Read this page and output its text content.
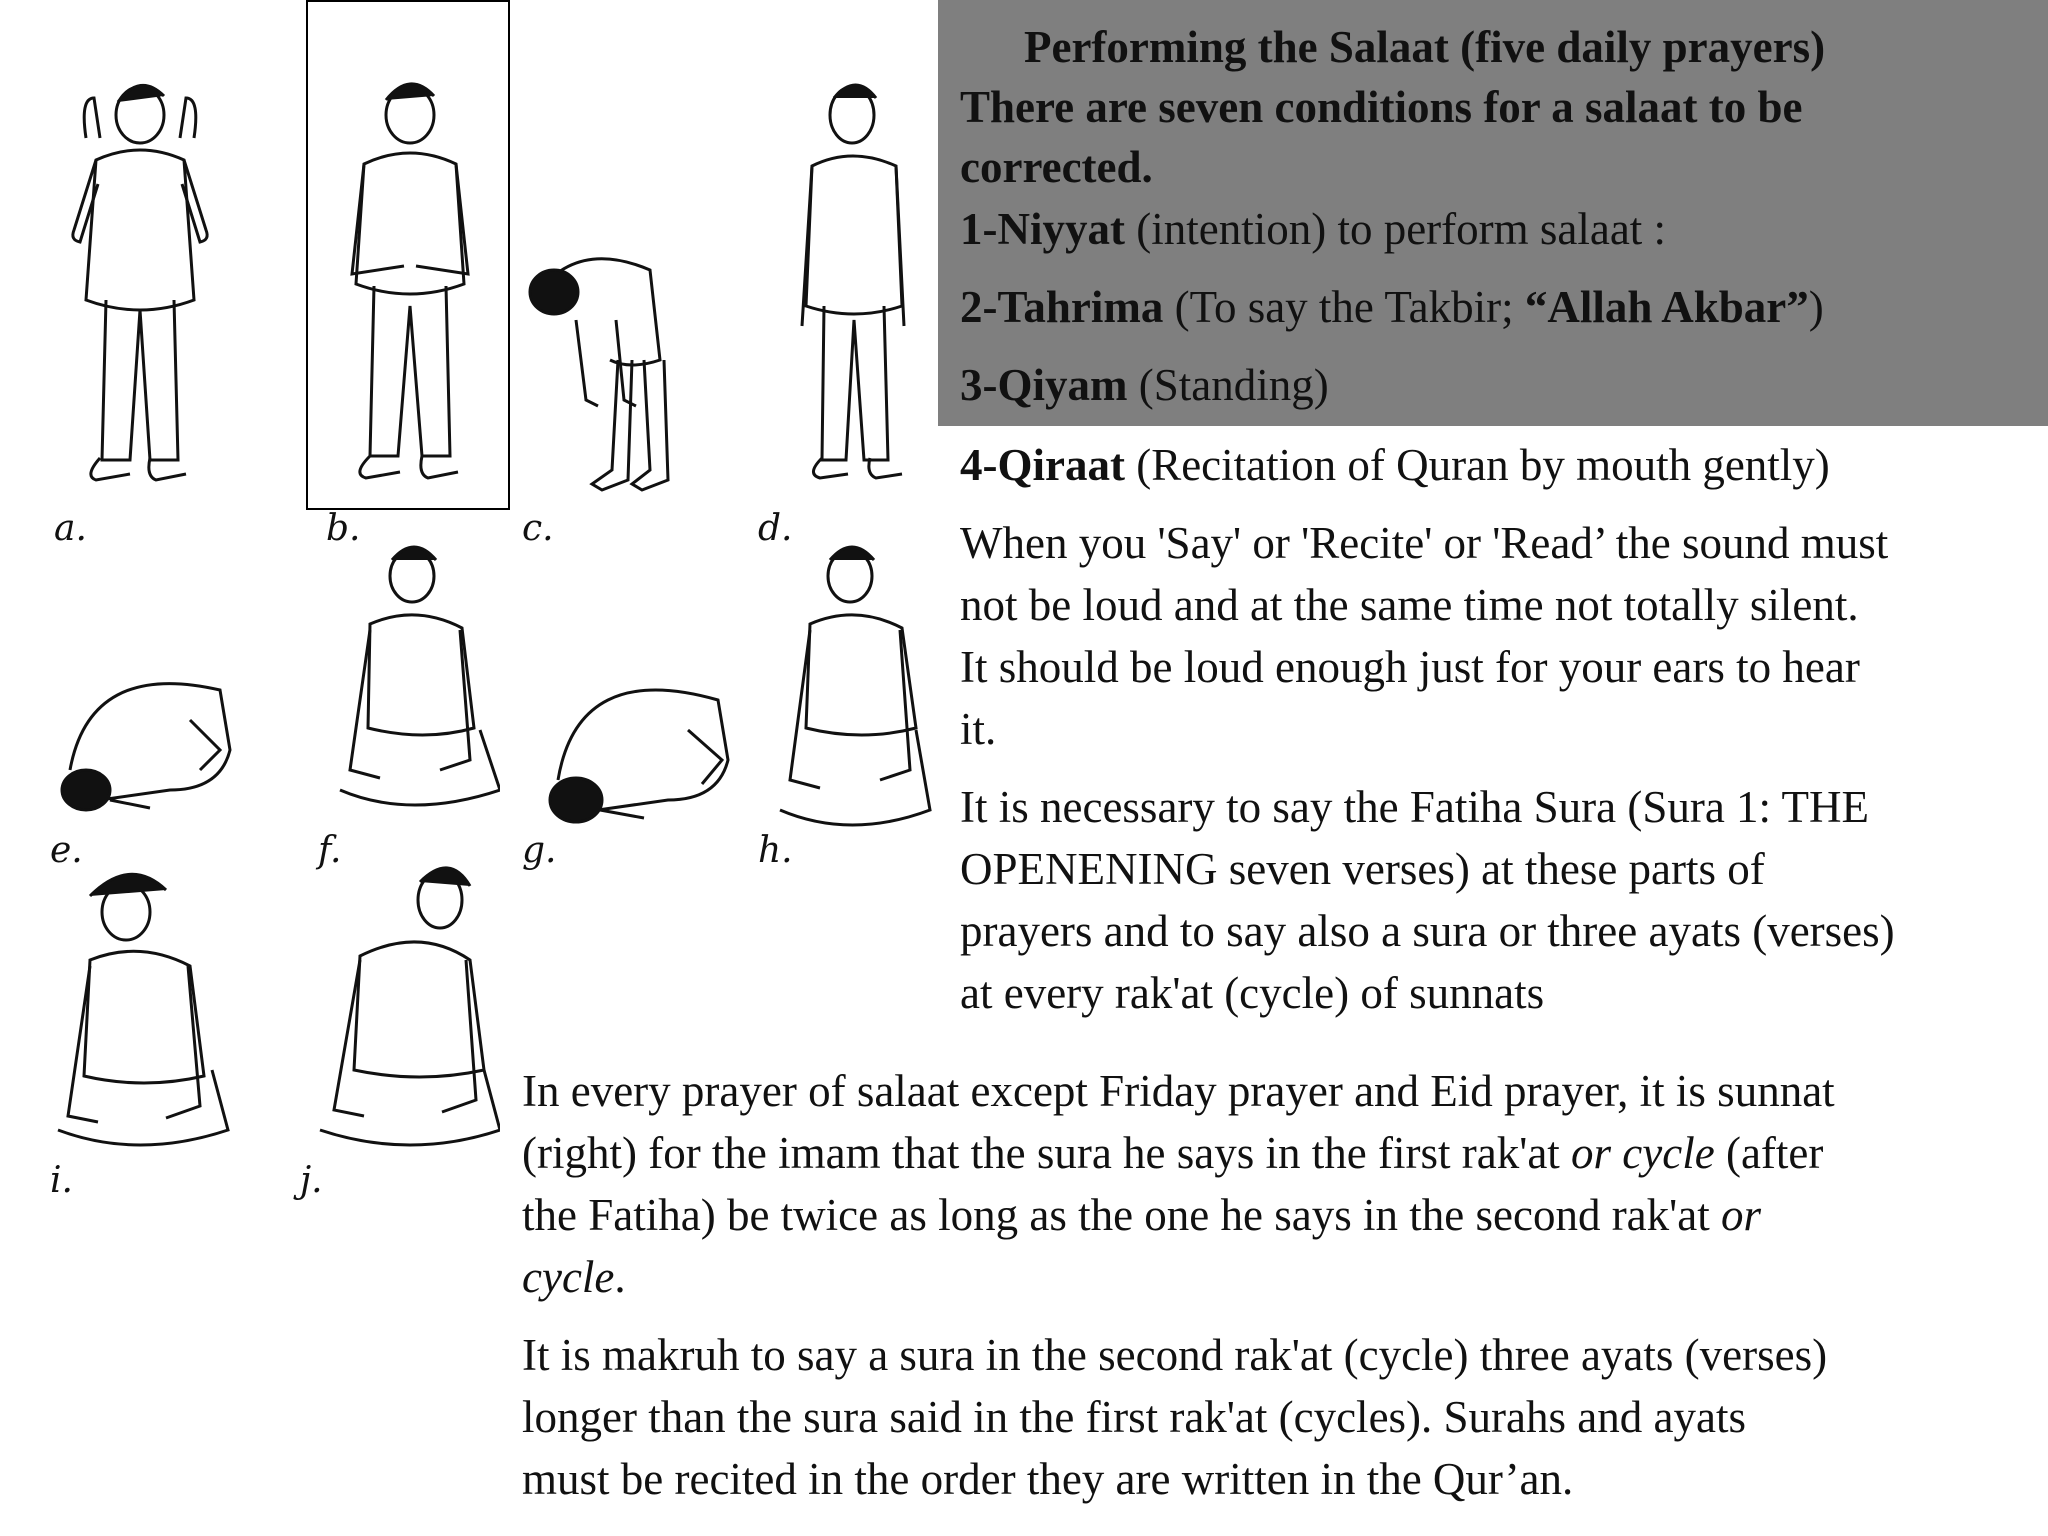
Performing the Salaat (five daily prayers)
There are seven conditions for a salaat to be
corrected.
1-Niyyat (intention) to perform salaat :
2-Tahrima (To say the Takbir; “Allah Akbar”)
3-Qiyam (Standing)
4-Qiraat (Recitation of Quran by mouth gently)
When you 'Say' or 'Recite' or 'Read’ the sound must
not be loud and at the same time not totally silent.
It should be loud enough just for your ears to hear
it.
It is necessary to say the Fatiha Sura (Sura 1: THE
OPENENING seven verses) at these parts of
prayers and to say also a sura or three ayats (verses)
at every rak'at (cycle) of sunnats
In every prayer of salaat except Friday prayer and Eid prayer, it is sunnat
(right) for the imam that the sura he says in the first rak'at or cycle (after
the Fatiha) be twice as long as the one he says in the second rak'at or
cycle.
It is makruh to say a sura in the second rak'at (cycle) three ayats (verses)
longer than the sura said in the first rak'at (cycles). Surahs and ayats
must be recited in the order they are written in the Qur’an.
a.	b.	c.	d.
e.	f.	g.	h.
i.	j.
